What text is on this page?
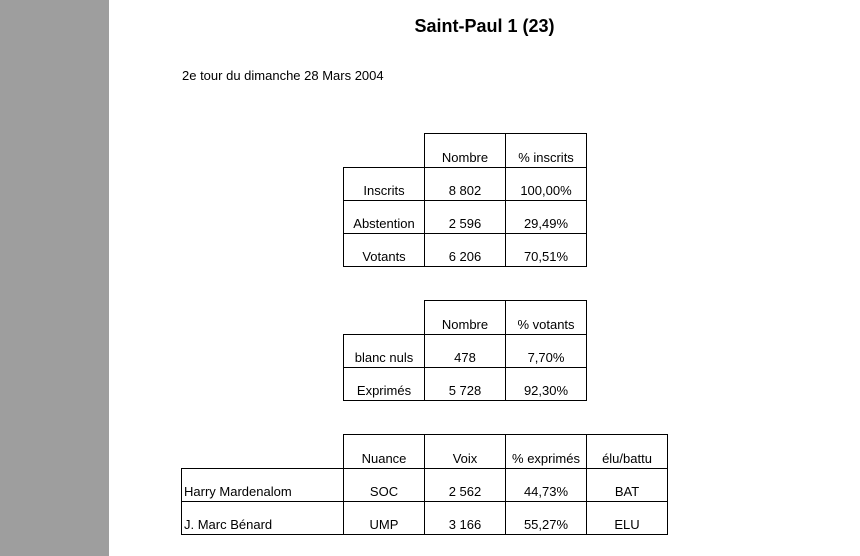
Saint-Paul 1 (23)
2e tour du dimanche 28 Mars 2004
	Nombre	% inscrits
Inscrits	8 802	100,00%
Abstention	2 596	29,49%
Votants	6 206	70,51%
	Nombre	% votants
blanc nuls	478	7,70%
Exprimés	5 728	92,30%
	Nuance	Voix	% exprimés	élu/battu
Harry Mardenalom	SOC	2 562	44,73%	BAT
J. Marc Bénard	UMP	3 166	55,27%	ELU
